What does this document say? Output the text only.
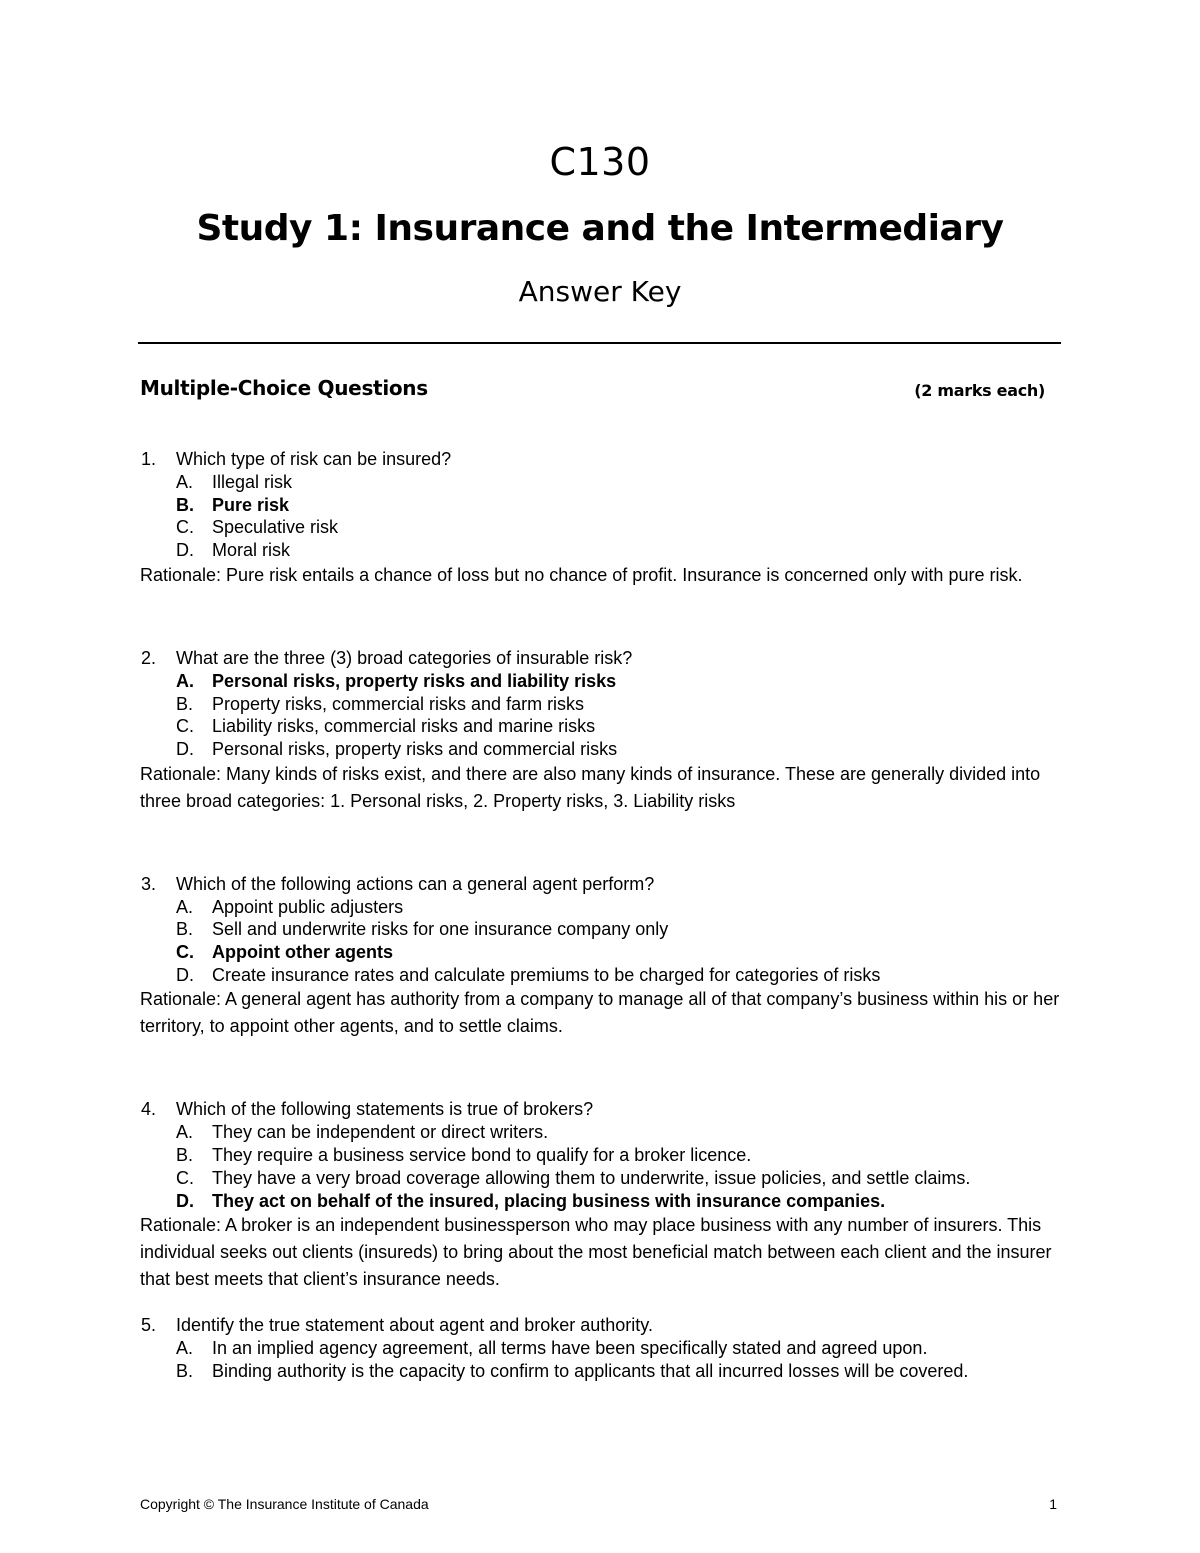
C130
Study 1: Insurance and the Intermediary
Answer Key
Multiple-Choice Questions	(2 marks each)
1. Which type of risk can be insured?
A. Illegal risk
B. Pure risk
C. Speculative risk
D. Moral risk

Rationale: Pure risk entails a chance of loss but no chance of profit. Insurance is concerned only with pure risk.

2. What are the three (3) broad categories of insurable risk?
A. Personal risks, property risks and liability risks
B. Property risks, commercial risks and farm risks
C. Liability risks, commercial risks and marine risks
D. Personal risks, property risks and commercial risks

Rationale: Many kinds of risks exist, and there are also many kinds of insurance. These are generally divided into three broad categories: 1. Personal risks, 2. Property risks, 3. Liability risks

3. Which of the following actions can a general agent perform?
A. Appoint public adjusters
B. Sell and underwrite risks for one insurance company only
C. Appoint other agents
D. Create insurance rates and calculate premiums to be charged for categories of risks

Rationale: A general agent has authority from a company to manage all of that company’s business within his or her territory, to appoint other agents, and to settle claims.

4. Which of the following statements is true of brokers?
A. They can be independent or direct writers.
B. They require a business service bond to qualify for a broker licence.
C. They have a very broad coverage allowing them to underwrite, issue policies, and settle claims.
D. They act on behalf of the insured, placing business with insurance companies.

Rationale: A broker is an independent businessperson who may place business with any number of insurers. This individual seeks out clients (insureds) to bring about the most beneficial match between each client and the insurer that best meets that client’s insurance needs.

5. Identify the true statement about agent and broker authority.
A. In an implied agency agreement, all terms have been specifically stated and agreed upon.
B. Binding authority is the capacity to confirm to applicants that all incurred losses will be covered.
Copyright © The Insurance Institute of Canada	1
